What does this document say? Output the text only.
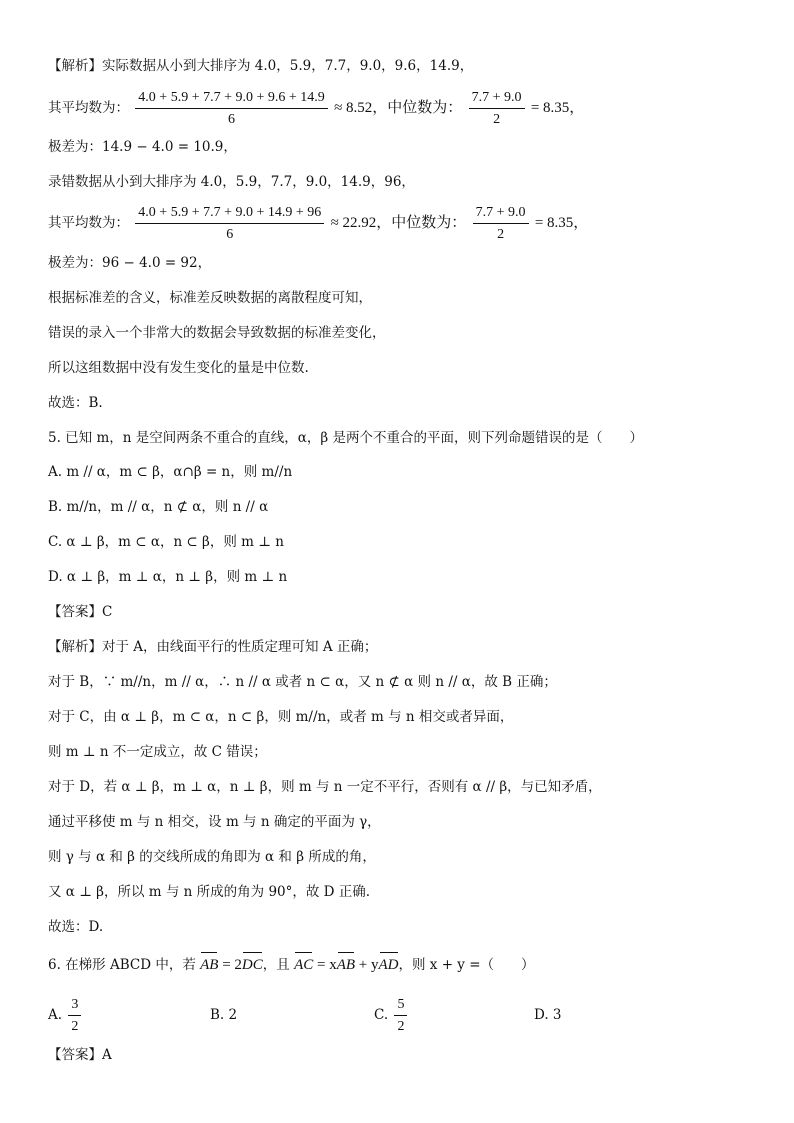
【解析】实际数据从小到大排序为 4.0，5.9，7.7，9.0，9.6，14.9，
其平均数为： $\frac{4.0 + 5.9 + 7.7 + 9.0 + 9.6 + 14.9}{6} \approx 8.52$，中位数为： $\frac{7.7 + 9.0}{2} = 8.35$，
极差为：14.9 − 4.0 = 10.9，
录错数据从小到大排序为 4.0，5.9，7.7，9.0，14.9，96，
其平均数为： $\frac{4.0 + 5.9 + 7.7 + 9.0 + 14.9 + 96}{6} \approx 22.92$，中位数为： $\frac{7.7 + 9.0}{2} = 8.35$，
极差为：96 − 4.0 = 92，
根据标准差的含义，标准差反映数据的离散程度可知，
错误的录入一个非常大的数据会导致数据的标准差变化，
所以这组数据中没有发生变化的量是中位数.
故选：B.
5. 已知 m，n 是空间两条不重合的直线，α，β 是两个不重合的平面，则下列命题错误的是（　　）
A. m // α，m ⊂ β，α∩β = n，则 m//n
B. m//n，m // α，n ⊄ α，则 n // α
C. α ⊥ β，m ⊂ α，n ⊂ β，则 m ⊥ n
D. α ⊥ β，m ⊥ α，n ⊥ β，则 m ⊥ n
【答案】C
【解析】对于 A，由线面平行的性质定理可知 A 正确；
对于 B，∵ m//n，m // α，∴ n // α 或者 n ⊂ α，又 n ⊄ α 则 n // α，故 B 正确；
对于 C，由 α ⊥ β，m ⊂ α，n ⊂ β，则 m//n，或者 m 与 n 相交或者异面，
则 m ⊥ n 不一定成立，故 C 错误；
对于 D，若 α ⊥ β，m ⊥ α，n ⊥ β，则 m 与 n 一定不平行，否则有 α // β，与已知矛盾，
通过平移使 m 与 n 相交，设 m 与 n 确定的平面为 γ，
则 γ 与 α 和 β 的交线所成的角即为 α 和 β 所成的角，
又 α ⊥ β，所以 m 与 n 所成的角为 90°，故 D 正确.
故选：D.
6. 在梯形 ABCD 中，若 AB = 2DC，且 AC = xAB + yAD，则 x + y =（　　）
A. $\frac{3}{2}$	B. 2	C. $\frac{5}{2}$	D. 3
【答案】A
